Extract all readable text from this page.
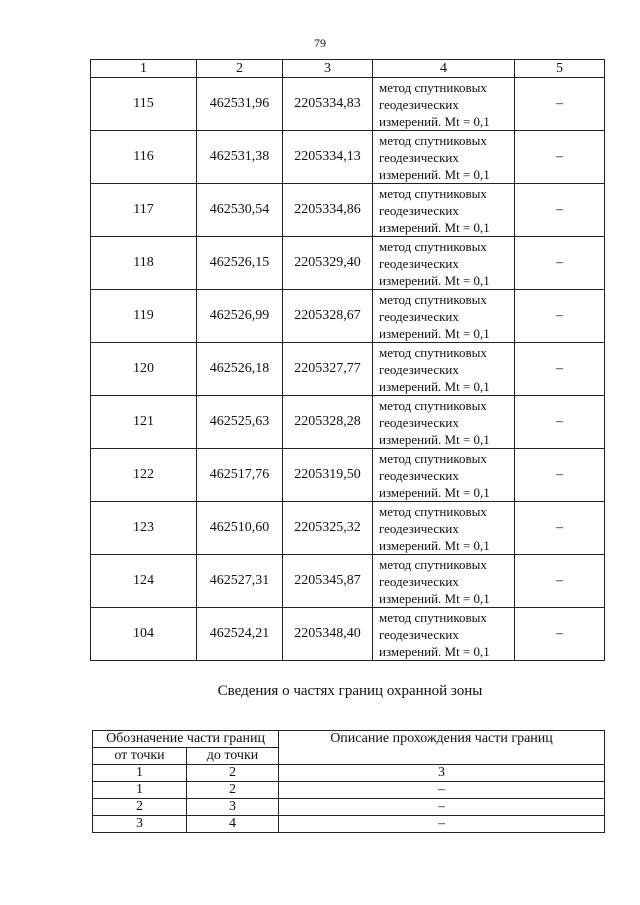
79
1	2	3	4	5
115	462531,96	2205334,83	метод спутниковых
геодезических
измерений. Mt = 0,1	–
116	462531,38	2205334,13	метод спутниковых
геодезических
измерений. Mt = 0,1	–
117	462530,54	2205334,86	метод спутниковых
геодезических
измерений. Mt = 0,1	–
118	462526,15	2205329,40	метод спутниковых
геодезических
измерений. Mt = 0,1	–
119	462526,99	2205328,67	метод спутниковых
геодезических
измерений. Mt = 0,1	–
120	462526,18	2205327,77	метод спутниковых
геодезических
измерений. Mt = 0,1	–
121	462525,63	2205328,28	метод спутниковых
геодезических
измерений. Mt = 0,1	–
122	462517,76	2205319,50	метод спутниковых
геодезических
измерений. Mt = 0,1	–
123	462510,60	2205325,32	метод спутниковых
геодезических
измерений. Mt = 0,1	–
124	462527,31	2205345,87	метод спутниковых
геодезических
измерений. Mt = 0,1	–
104	462524,21	2205348,40	метод спутниковых
геодезических
измерений. Mt = 0,1	–
Сведения о частях границ охранной зоны
Обозначение части границ		Описание прохождения части границ
от точки	до точки	
1	2	3
1	2	–
2	3	–
3	4	–
